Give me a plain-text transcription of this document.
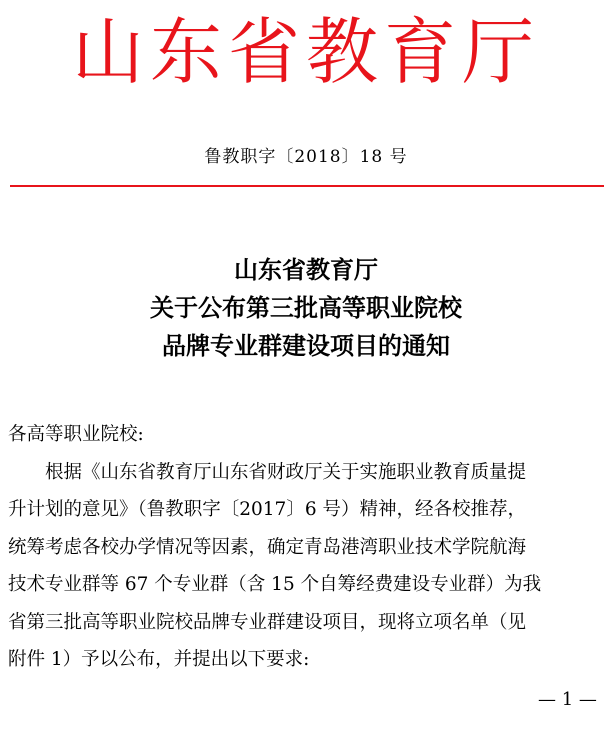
山东省教育厅
鲁教职字〔2018〕18 号
山东省教育厅
关于公布第三批高等职业院校
品牌专业群建设项目的通知
各高等职业院校:
　　根据《山东省教育厅山东省财政厅关于实施职业教育质量提
升计划的意见》（鲁教职字〔2017〕6 号）精神，经各校推荐，
统筹考虑各校办学情况等因素，确定青岛港湾职业技术学院航海
技术专业群等 67 个专业群（含 15 个自筹经费建设专业群）为我
省第三批高等职业院校品牌专业群建设项目，现将立项名单（见
附件 1）予以公布，并提出以下要求:
— 1 —
